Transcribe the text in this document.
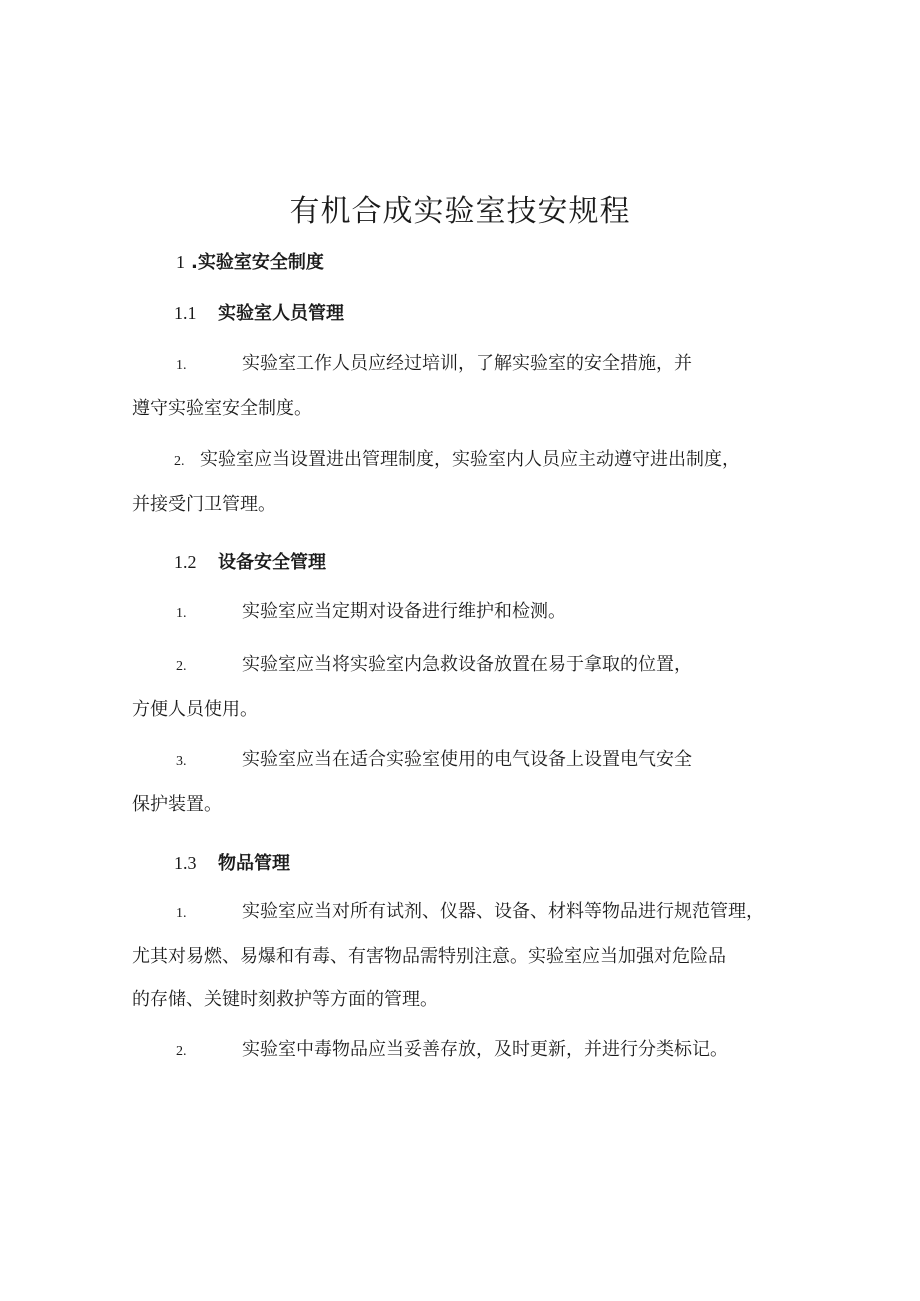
有机合成实验室技安规程
1 .实验室安全制度
1.1 实验室人员管理
1.	实验室工作人员应经过培训，了解实验室的安全措施，并
遵守实验室安全制度。
2. 实验室应当设置进出管理制度，实验室内人员应主动遵守进出制度，
并接受门卫管理。
1.2 设备安全管理
1.	实验室应当定期对设备进行维护和检测。
2.	实验室应当将实验室内急救设备放置在易于拿取的位置，
方便人员使用。
3.	实验室应当在适合实验室使用的电气设备上设置电气安全
保护装置。
1.3 物品管理
1.	实验室应当对所有试剂、仪器、设备、材料等物品进行规范管理，
尤其对易燃、易爆和有毒、有害物品需特别注意。实验室应当加强对危险品
的存储、关键时刻救护等方面的管理。
2.	实验室中毒物品应当妥善存放，及时更新，并进行分类标记。
